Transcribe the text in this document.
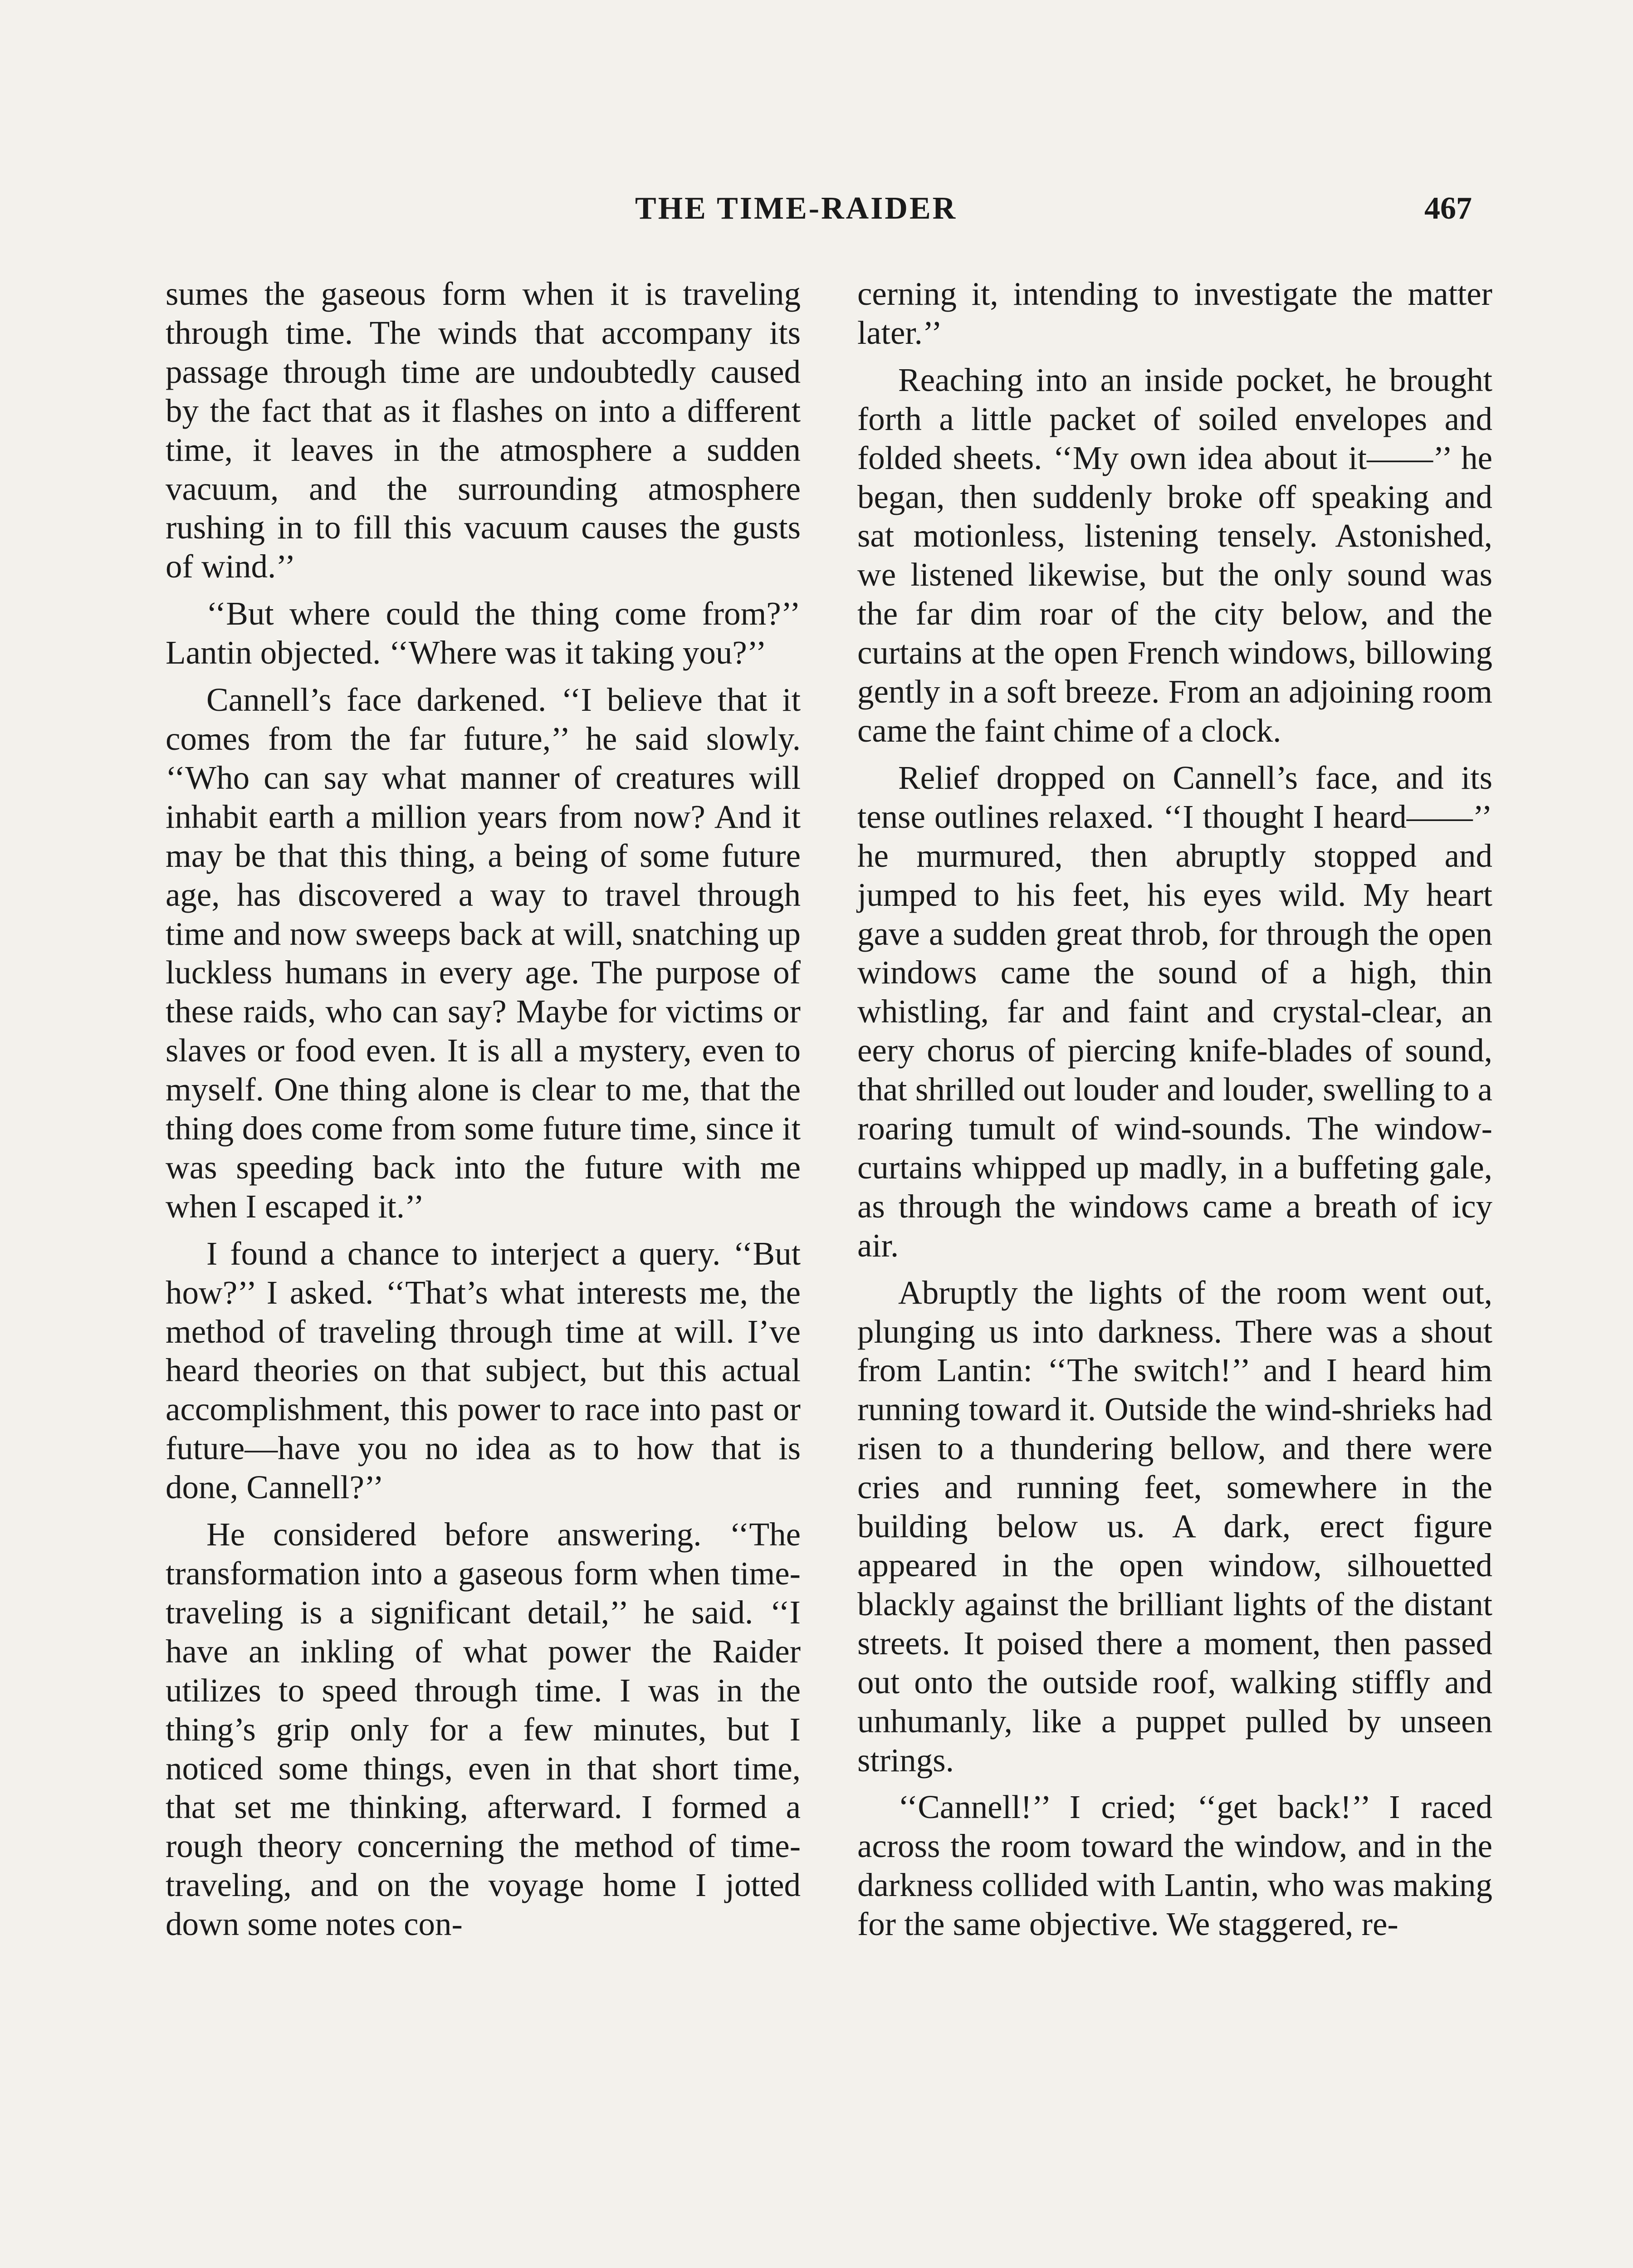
THE TIME-RAIDER	467

sumes the gaseous form when it is traveling through time. The winds that accompany its passage through time are undoubtedly caused by the fact that as it flashes on into a different time, it leaves in the atmosphere a sudden vacuum, and the surrounding atmosphere rushing in to fill this vacuum causes the gusts of wind.’’

‘‘But where could the thing come from?’’ Lantin objected. ‘‘Where was it taking you?’’

Cannell’s face darkened. ‘‘I believe that it comes from the far future,’’ he said slowly. ‘‘Who can say what manner of creatures will inhabit earth a million years from now? And it may be that this thing, a being of some future age, has discovered a way to travel through time and now sweeps back at will, snatching up luckless humans in every age. The purpose of these raids, who can say? Maybe for victims or slaves or food even. It is all a mystery, even to myself. One thing alone is clear to me, that the thing does come from some future time, since it was speeding back into the future with me when I escaped it.’’

I found a chance to interject a query. ‘‘But how?’’ I asked. ‘‘That’s what interests me, the method of traveling through time at will. I’ve heard theories on that subject, but this actual accomplishment, this power to race into past or future—have you no idea as to how that is done, Cannell?’’

He considered before answering. ‘‘The transformation into a gaseous form when time-traveling is a significant detail,’’ he said. ‘‘I have an inkling of what power the Raider utilizes to speed through time. I was in the thing’s grip only for a few minutes, but I noticed some things, even in that short time, that set me thinking, afterward. I formed a rough theory concerning the method of time-traveling, and on the voyage home I jotted down some notes con-

cerning it, intending to investigate the matter later.’’

Reaching into an inside pocket, he brought forth a little packet of soiled envelopes and folded sheets. ‘‘My own idea about it——’’ he began, then suddenly broke off speaking and sat motionless, listening tensely. Astonished, we listened likewise, but the only sound was the far dim roar of the city below, and the curtains at the open French windows, billowing gently in a soft breeze. From an adjoining room came the faint chime of a clock.

Relief dropped on Cannell’s face, and its tense outlines relaxed. ‘‘I thought I heard——’’ he murmured, then abruptly stopped and jumped to his feet, his eyes wild. My heart gave a sudden great throb, for through the open windows came the sound of a high, thin whistling, far and faint and crystal-clear, an eery chorus of piercing knife-blades of sound, that shrilled out louder and louder, swelling to a roaring tumult of wind-sounds. The window-curtains whipped up madly, in a buffeting gale, as through the windows came a breath of icy air.

Abruptly the lights of the room went out, plunging us into darkness. There was a shout from Lantin: ‘‘The switch!’’ and I heard him running toward it. Outside the wind-shrieks had risen to a thundering bellow, and there were cries and running feet, somewhere in the building below us. A dark, erect figure appeared in the open window, silhouetted blackly against the brilliant lights of the distant streets. It poised there a moment, then passed out onto the outside roof, walking stiffly and unhumanly, like a puppet pulled by unseen strings.

‘‘Cannell!’’ I cried; ‘‘get back!’’ I raced across the room toward the window, and in the darkness collided with Lantin, who was making for the same objective. We staggered, re-
